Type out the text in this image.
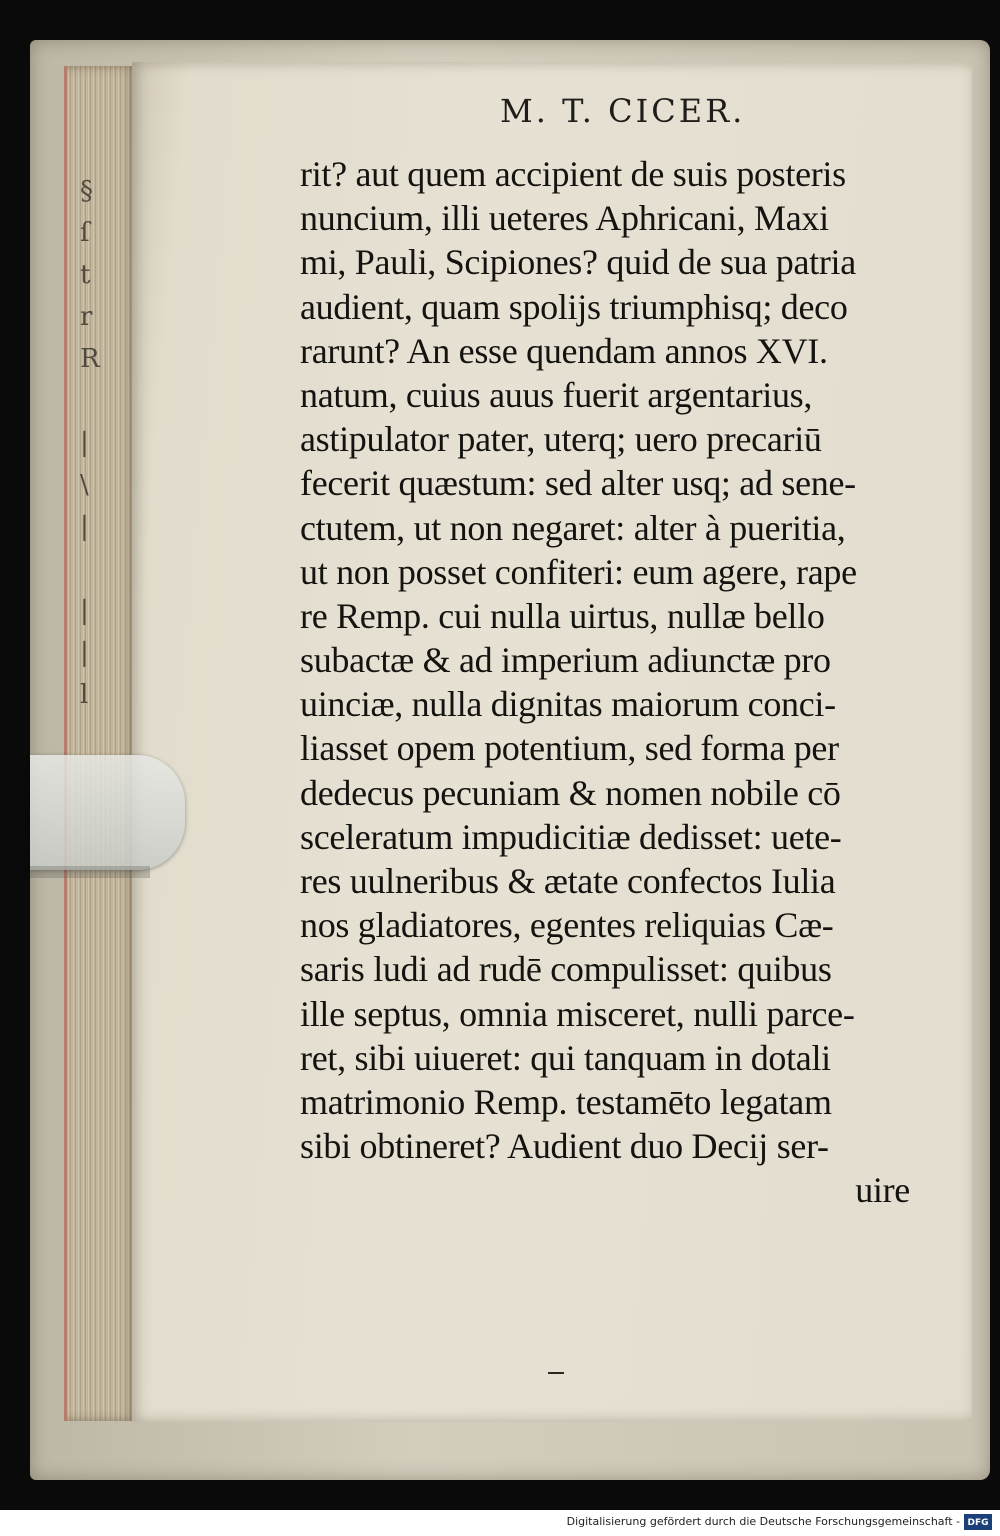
§
ſ
t
r
R

|
\
|

|
|
l
M. T. CICER.
rit? aut quem accipient de suis posteris
nuncium, illi ueteres Aphricani, Maxi
mi, Pauli, Scipiones? quid de sua patria
audient, quam spolijs triumphisq; deco
rarunt? An esse quendam annos XVI.
natum, cuius auus fuerit argentarius,
astipulator pater, uterq; uero precariū
fecerit quæstum: sed alter usq; ad sene-
ctutem, ut non negaret: alter à pueritia,
ut non posset confiteri: eum agere, rape
re Remp. cui nulla uirtus, nullæ bello
subactæ & ad imperium adiunctæ pro
uinciæ, nulla dignitas maiorum conci-
liasset opem potentium, sed forma per
dedecus pecuniam & nomen nobile cō
sceleratum impudicitiæ dedisset: uete-
res uulneribus & ætate confectos Iulia
nos gladiatores, egentes reliquias Cæ-
saris ludi ad rudē compulisset: quibus
ille septus, omnia misceret, nulli parce-
ret, sibi uiueret: qui tanquam in dotali
matrimonio Remp. testamēto legatam
sibi obtineret? Audient duo Decij ser-
uire
Digitalisierung gefördert durch die Deutsche Forschungsgemeinschaft - DFG
